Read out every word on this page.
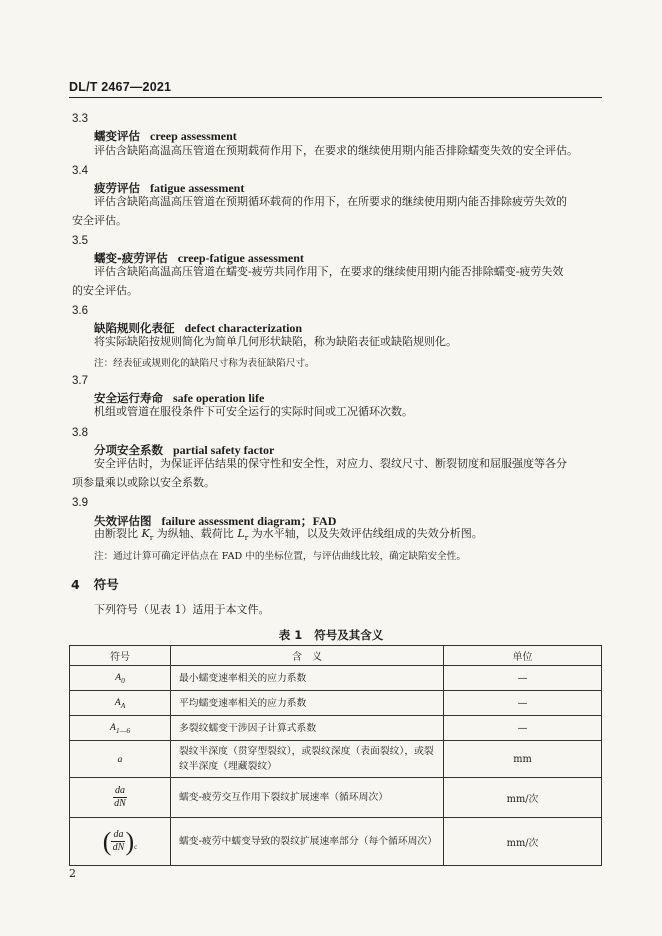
DL/T 2467—2021
3.3
蠕变评估 creep assessment
评估含缺陷高温高压管道在预期载荷作用下，在要求的继续使用期内能否排除蠕变失效的安全评估。
3.4
疲劳评估 fatigue assessment
评估含缺陷高温高压管道在预期循环载荷的作用下，在所要求的继续使用期内能否排除疲劳失效的
安全评估。
3.5
蠕变-疲劳评估 creep-fatigue assessment
评估含缺陷高温高压管道在蠕变-疲劳共同作用下，在要求的继续使用期内能否排除蠕变-疲劳失效
的安全评估。
3.6
缺陷规则化表征 defect characterization
将实际缺陷按规则简化为简单几何形状缺陷，称为缺陷表征或缺陷规则化。
注：经表征或规则化的缺陷尺寸称为表征缺陷尺寸。
3.7
安全运行寿命 safe operation life
机组或管道在服役条件下可安全运行的实际时间或工况循环次数。
3.8
分项安全系数 partial safety factor
安全评估时，为保证评估结果的保守性和安全性，对应力、裂纹尺寸、断裂韧度和屈服强度等各分
项参量乘以或除以安全系数。
3.9
失效评估图 failure assessment diagram；FAD
由断裂比 $K_r$ 为纵轴、载荷比 $L_r$ 为水平轴，以及失效评估线组成的失效分析图。
注：通过计算可确定评估点在 FAD 中的坐标位置，与评估曲线比较，确定缺陷安全性。
4 符号
下列符号（见表 1）适用于本文件。
表 1 符号及其含义
符号	含　义	单位
$A_0$	最小蠕变速率相关的应力系数	—
$A_A$	平均蠕变速率相关的应力系数	—
$A_{1—6}$	多裂纹蠕变干涉因子计算式系数	—
a	裂纹半深度（贯穿型裂纹），或裂纹深度（表面裂纹），或裂纹半深度（埋藏裂纹）	mm

$\frac{da}{dN}$	蠕变-疲劳交互作用下裂纹扩展速率（循环周次）	mm/次

( $\frac{da}{dN} )_c$	蠕变-疲劳中蠕变导致的裂纹扩展速率部分（每个循环周次）	mm/次
2
